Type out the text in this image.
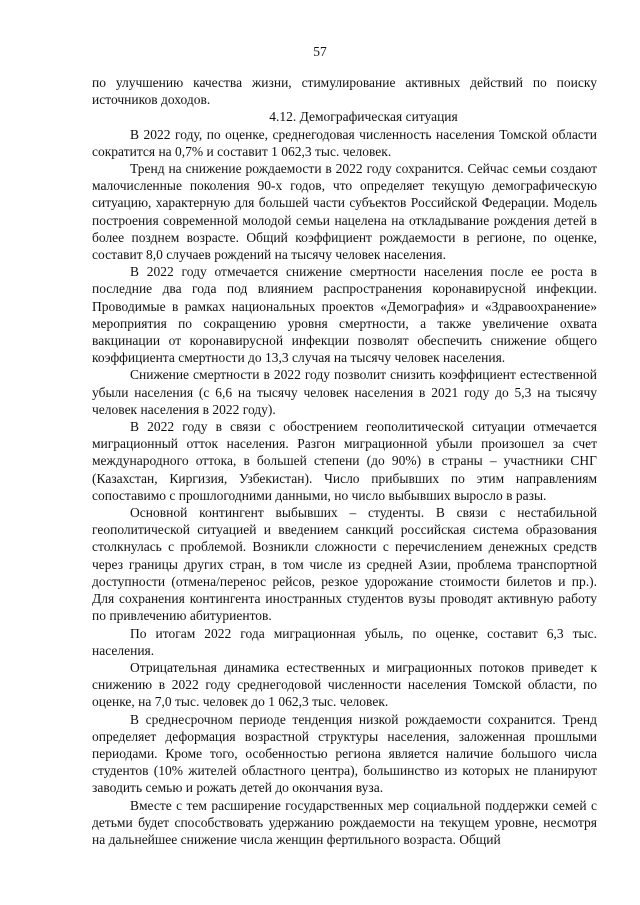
57

по улучшению качества жизни, стимулирование активных действий по поиску источников доходов.

4.12. Демографическая ситуация

В 2022 году, по оценке, среднегодовая численность населения Томской области сократится на 0,7% и составит 1 062,3 тыс. человек.

Тренд на снижение рождаемости в 2022 году сохранится. Сейчас семьи создают малочисленные поколения 90-х годов, что определяет текущую демографическую ситуацию, характерную для большей части субъектов Российской Федерации. Модель построения современной молодой семьи нацелена на откладывание рождения детей в более позднем возрасте. Общий коэффициент рождаемости в регионе, по оценке, составит 8,0 случаев рождений на тысячу человек населения.

В 2022 году отмечается снижение смертности населения после ее роста в последние два года под влиянием распространения коронавирусной инфекции. Проводимые в рамках национальных проектов «Демография» и «Здравоохранение» мероприятия по сокращению уровня смертности, а также увеличение охвата вакцинации от коронавирусной инфекции позволят обеспечить снижение общего коэффициента смертности до 13,3 случая на тысячу человек населения.

Снижение смертности в 2022 году позволит снизить коэффициент естественной убыли населения (с 6,6 на тысячу человек населения в 2021 году до 5,3 на тысячу человек населения в 2022 году).

В 2022 году в связи с обострением геополитической ситуации отмечается миграционный отток населения. Разгон миграционной убыли произошел за счет международного оттока, в большей степени (до 90%) в страны – участники СНГ (Казахстан, Киргизия, Узбекистан). Число прибывших по этим направлениям сопоставимо с прошлогодними данными, но число выбывших выросло в разы.

Основной контингент выбывших – студенты. В связи с нестабильной геополитической ситуацией и введением санкций российская система образования столкнулась с проблемой. Возникли сложности с перечислением денежных средств через границы других стран, в том числе из средней Азии, проблема транспортной доступности (отмена/перенос рейсов, резкое удорожание стоимости билетов и пр.). Для сохранения контингента иностранных студентов вузы проводят активную работу по привлечению абитуриентов.

По итогам 2022 года миграционная убыль, по оценке, составит 6,3 тыс. населения.

Отрицательная динамика естественных и миграционных потоков приведет к снижению в 2022 году среднегодовой численности населения Томской области, по оценке, на 7,0 тыс. человек до 1 062,3 тыс. человек.

В среднесрочном периоде тенденция низкой рождаемости сохранится. Тренд определяет деформация возрастной структуры населения, заложенная прошлыми периодами. Кроме того, особенностью региона является наличие большого числа студентов (10% жителей областного центра), большинство из которых не планируют заводить семью и рожать детей до окончания вуза.

Вместе с тем расширение государственных мер социальной поддержки семей с детьми будет способствовать удержанию рождаемости на текущем уровне, несмотря на дальнейшее снижение числа женщин фертильного возраста. Общий
